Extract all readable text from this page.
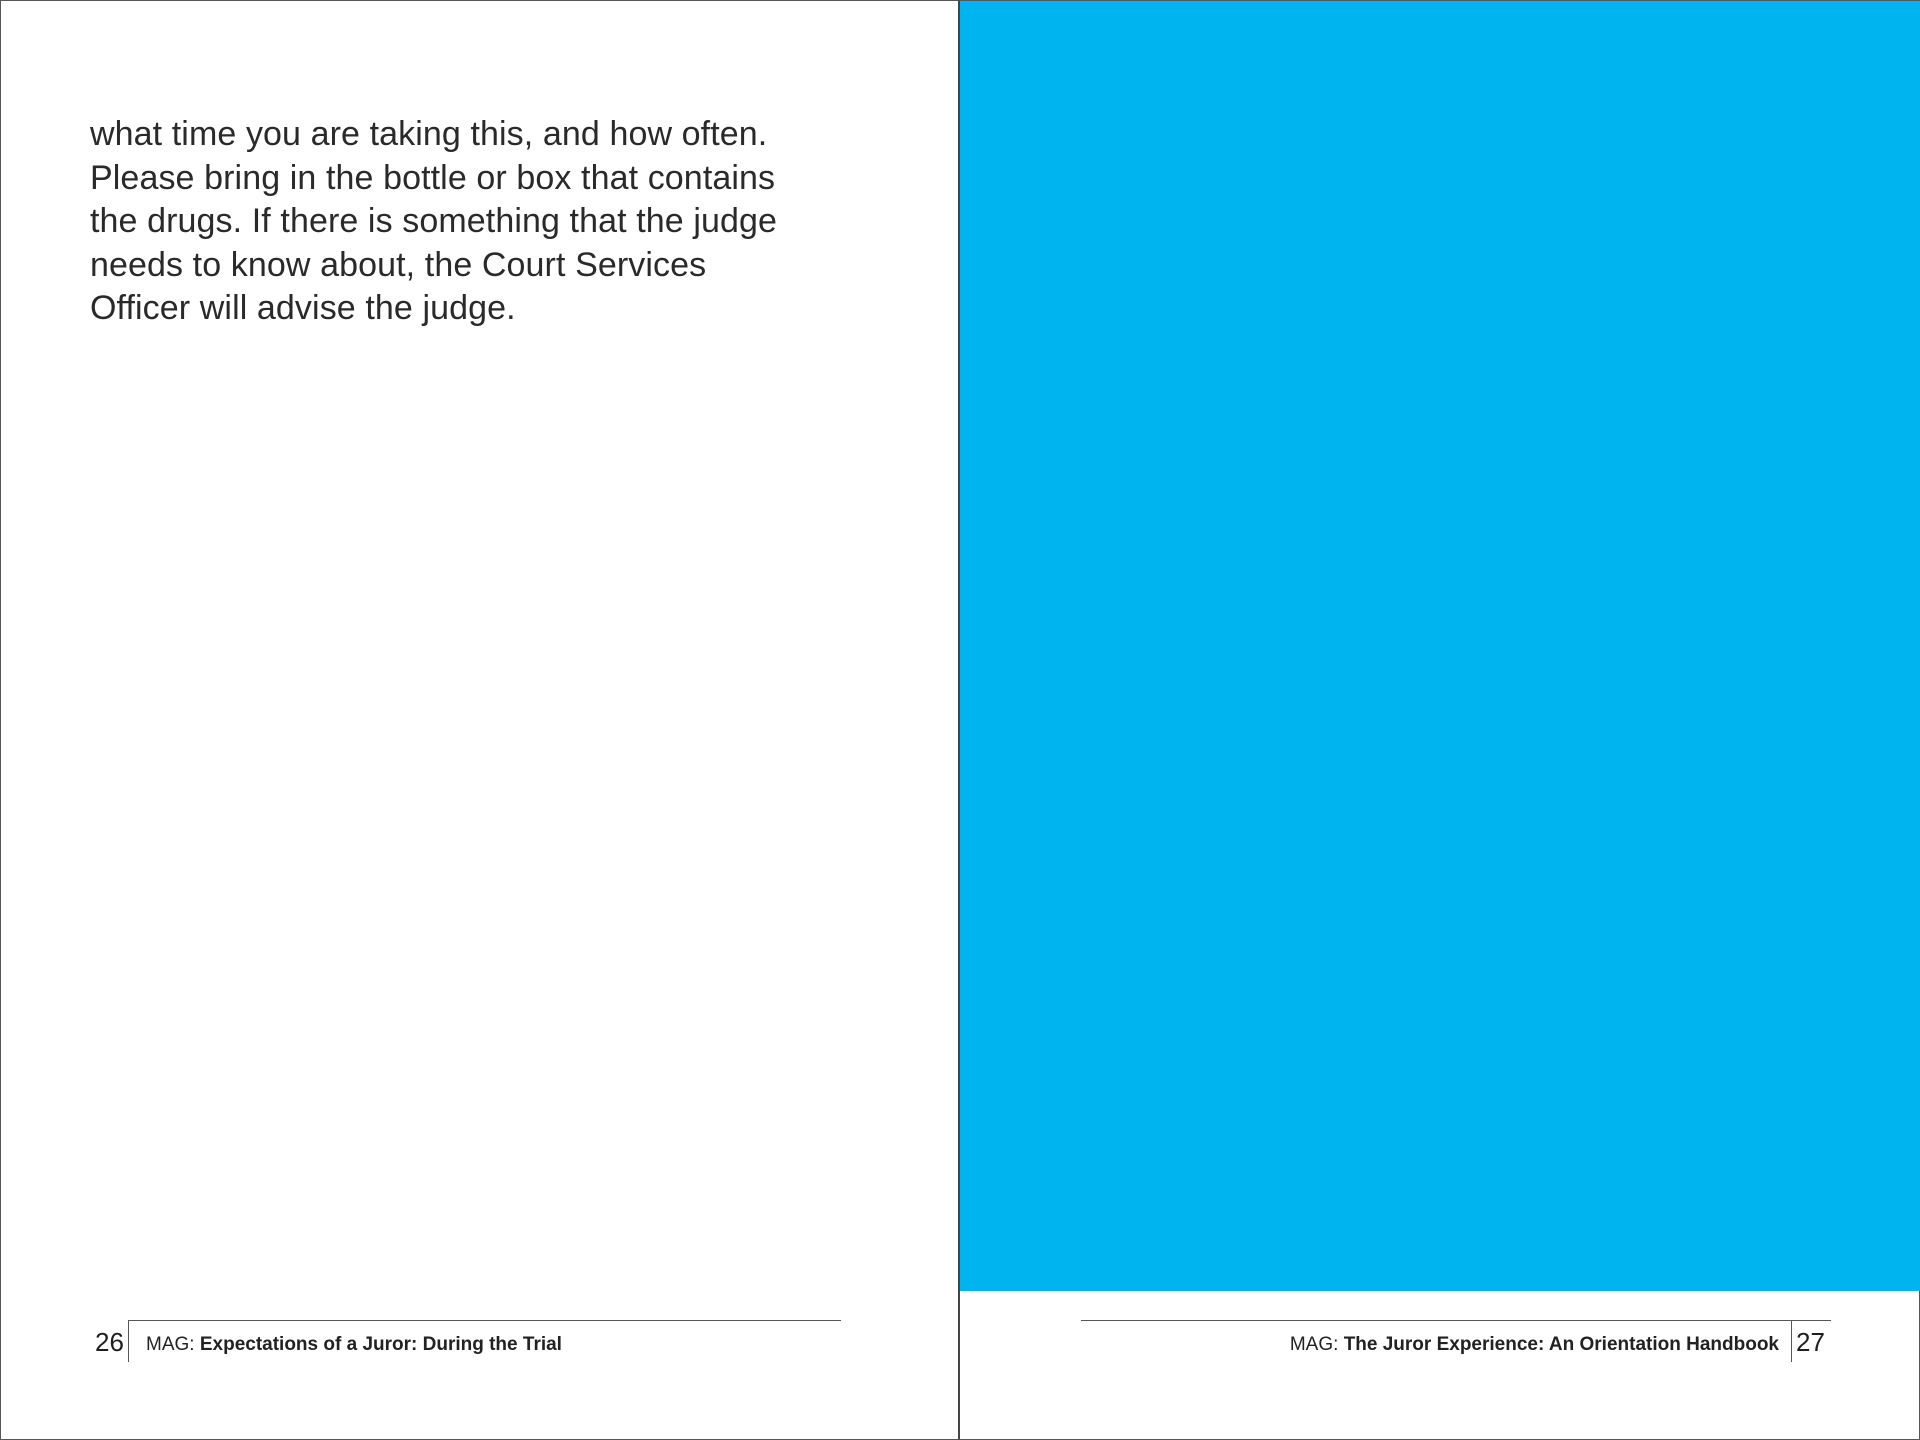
what time you are taking this, and how often.
Please bring in the bottle or box that contains
the drugs. If there is something that the judge
needs to know about, the Court Services
Officer will advise the judge.

26 MAG: Expectations of a Juror: During the Trial	MAG: The Juror Experience: An Orientation Handbook 27
